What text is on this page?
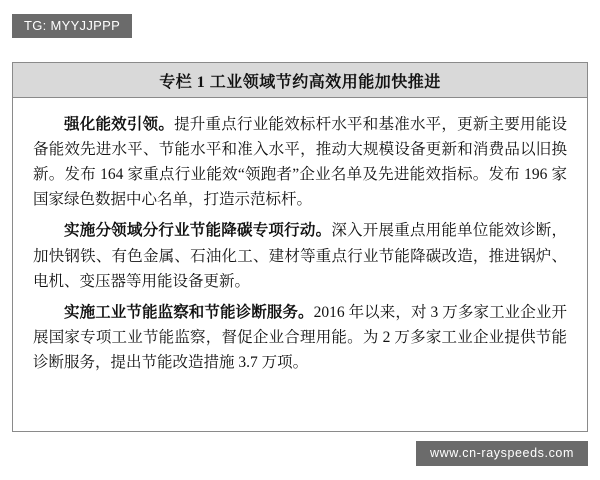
TG: MYYJJPPP
专栏 1 工业领域节约高效用能加快推进

强化能效引领。提升重点行业能效标杆水平和基准水平，更新主要用能设备能效先进水平、节能水平和准入水平，推动大规模设备更新和消费品以旧换新。发布 164 家重点行业能效“领跑者”企业名单及先进能效指标。发布 196 家国家绿色数据中心名单，打造示范标杆。

实施分领域分行业节能降碳专项行动。深入开展重点用能单位能效诊断，加快钢铁、有色金属、石油化工、建材等重点行业节能降碳改造，推进锅炉、电机、变压器等用能设备更新。

实施工业节能监察和节能诊断服务。2016 年以来，对 3 万多家工业企业开展国家专项工业节能监察，督促企业合理用能。为 2 万多家工业企业提供节能诊断服务，提出节能改造措施 3.7 万项。

www.cn-rayspeeds.com
